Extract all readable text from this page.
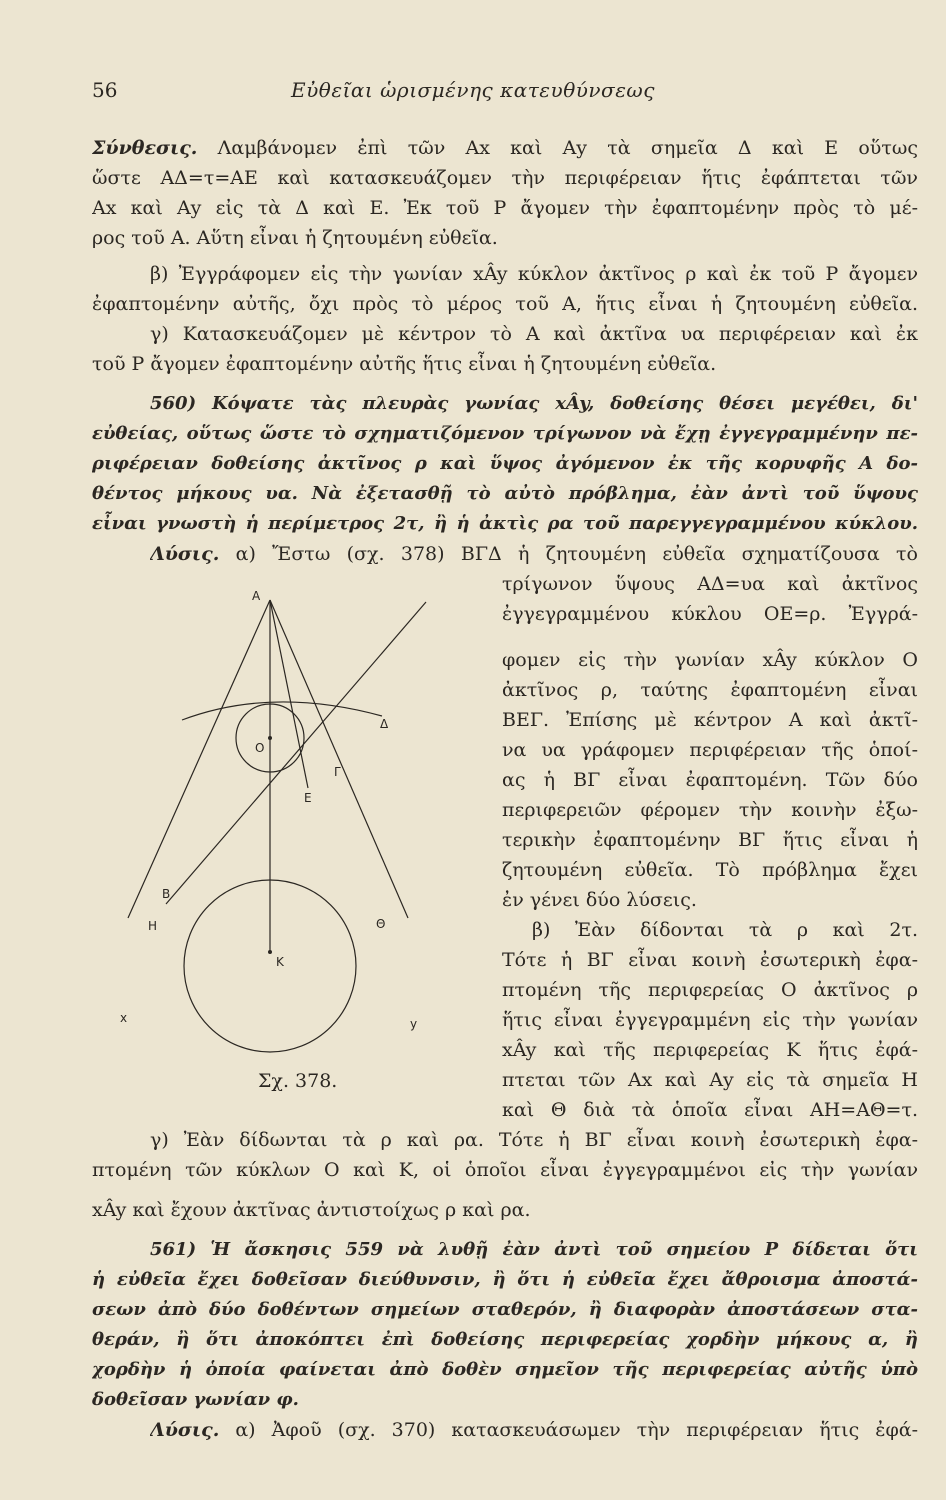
Εὐθεῖαι ὡρισμένης κατευθύνσεως
56
Σύνθεσις. Λαμβάνομεν ἐπὶ τῶν Αx καὶ Αy τὰ σημεῖα Δ καὶ Ε οὕτως
ὥστε ΑΔ=τ=ΑΕ καὶ κατασκευάζομεν τὴν περιφέρειαν ἥτις ἐφάπτεται τῶν
Αx καὶ Αy εἰς τὰ Δ καὶ Ε. Ἐκ τοῦ Ρ ἄγομεν τὴν ἐφαπτομένην πρὸς τὸ μέ-
ρος τοῦ Α. Αὕτη εἶναι ἡ ζητουμένη εὐθεῖα.
β) Ἐγγράφομεν εἰς τὴν γωνίαν xÂy κύκλον ἀκτῖνος ρ καὶ ἐκ τοῦ Ρ ἄγομεν
ἐφαπτομένην αὐτῆς, ὄχι πρὸς τὸ μέρος τοῦ Α, ἥτις εἶναι ἡ ζητουμένη εὐθεῖα.
γ) Κατασκευάζομεν μὲ κέντρον τὸ Α καὶ ἀκτῖνα υα περιφέρειαν καὶ ἐκ
τοῦ Ρ ἄγομεν ἐφαπτομένην αὐτῆς ἥτις εἶναι ἡ ζητουμένη εὐθεῖα.
560) Κόψατε τὰς πλευρὰς γωνίας xÂy, δοθείσης θέσει μεγέθει, δι'
εὐθείας, οὕτως ὥστε τὸ σχηματιζόμενον τρίγωνον νὰ ἔχῃ ἐγγεγραμμένην πε-
ριφέρειαν δοθείσης ἀκτῖνος ρ καὶ ὕψος ἀγόμενον ἐκ τῆς κορυφῆς Α δο-
θέντος μήκους υα. Νὰ ἐξετασθῇ τὸ αὐτὸ πρόβλημα, ἐὰν ἀντὶ τοῦ ὕψους
εἶναι γνωστὴ ἡ περίμετρος 2τ, ἢ ἡ ἀκτὶς ρα τοῦ παρεγγεγραμμένου κύκλου.
Λύσις. α) Ἔστω (σχ. 378) ΒΓΔ ἡ ζητουμένη εὐθεῖα σχηματίζουσα τὸ
τρίγωνον ὕψους ΑΔ=υα καὶ ἀκτῖνος
ἐγγεγραμμένου κύκλου ΟΕ=ρ. Ἐγγρά-
φομεν εἰς τὴν γωνίαν xÂy κύκλον Ο
ἀκτῖνος ρ, ταύτης ἐφαπτομένη εἶναι
ΒΕΓ. Ἐπίσης μὲ κέντρον Α καὶ ἀκτῖ-
να υα γράφομεν περιφέρειαν τῆς ὁποί-
ας ἡ ΒΓ εἶναι ἐφαπτομένη. Τῶν δύο
περιφερειῶν φέρομεν τὴν κοινὴν ἐξω-
τερικὴν ἐφαπτομένην ΒΓ ἥτις εἶναι ἡ
ζητουμένη εὐθεῖα. Τὸ πρόβλημα ἔχει
ἐν γένει δύο λύσεις.
β) Ἐὰν δίδονται τὰ ρ καὶ 2τ.
Τότε ἡ ΒΓ εἶναι κοινὴ ἐσωτερικὴ ἐφα-
πτομένη τῆς περιφερείας Ο ἀκτῖνος ρ
ἥτις εἶναι ἐγγεγραμμένη εἰς τὴν γωνίαν
xÂy καὶ τῆς περιφερείας Κ ἥτις ἐφά-
πτεται τῶν Αx καὶ Αy εἰς τὰ σημεῖα Η
καὶ Θ διὰ τὰ ὁποῖα εἶναι ΑΗ=ΑΘ=τ.
Α
Ο
Δ
Γ
Ε
Β
Η	Θ
Κ
x	y
Σχ. 378.
γ) Ἐὰν δίδωνται τὰ ρ καὶ ρα. Τότε ἡ ΒΓ εἶναι κοινὴ ἐσωτερικὴ ἐφα-
πτομένη τῶν κύκλων Ο καὶ Κ, οἱ ὁποῖοι εἶναι ἐγγεγραμμένοι εἰς τὴν γωνίαν
xÂy καὶ ἔχουν ἀκτῖνας ἀντιστοίχως ρ καὶ ρα.
561) Ἡ ἄσκησις 559 νὰ λυθῇ ἐὰν ἀντὶ τοῦ σημείου Ρ δίδεται ὅτι
ἡ εὐθεῖα ἔχει δοθεῖσαν διεύθυνσιν, ἢ ὅτι ἡ εὐθεῖα ἔχει ἄθροισμα ἀποστά-
σεων ἀπὸ δύο δοθέντων σημείων σταθερόν, ἢ διαφορὰν ἀποστάσεων στα-
θεράν, ἢ ὅτι ἀποκόπτει ἐπὶ δοθείσης περιφερείας χορδὴν μήκους α, ἢ
χορδὴν ἡ ὁποία φαίνεται ἀπὸ δοθὲν σημεῖον τῆς περιφερείας αὐτῆς ὑπὸ
δοθεῖσαν γωνίαν φ.
Λύσις. α) Ἀφοῦ (σχ. 370) κατασκευάσωμεν τὴν περιφέρειαν ἥτις ἐφά-
